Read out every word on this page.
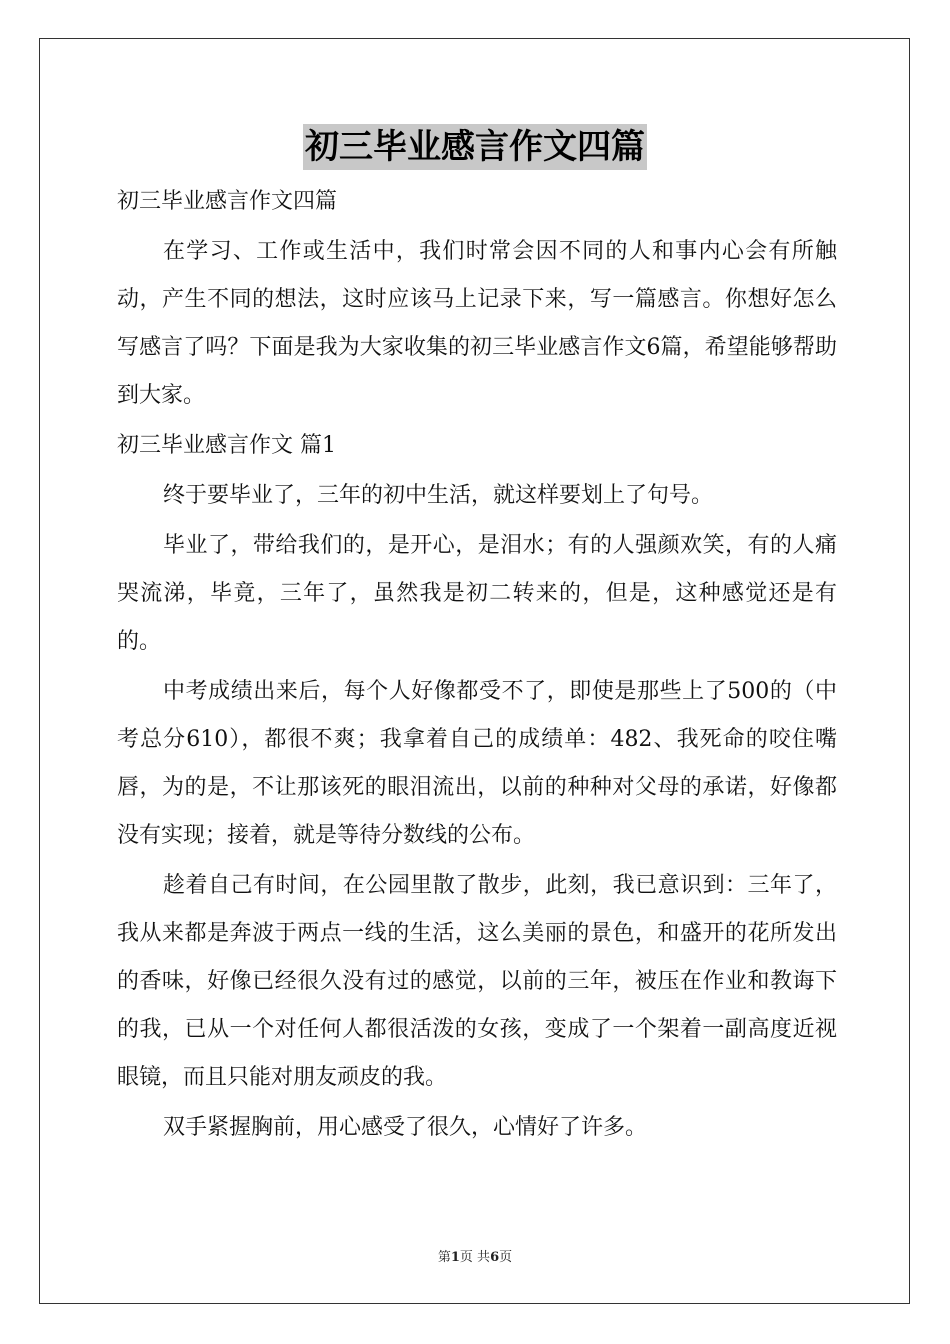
初三毕业感言作文四篇

初三毕业感言作文四篇

在学习、工作或生活中，我们时常会因不同的人和事内心会有所触动，产生不同的想法，这时应该马上记录下来，写一篇感言。你想好怎么写感言了吗？下面是我为大家收集的初三毕业感言作文6篇，希望能够帮助到大家。

初三毕业感言作文 篇1

终于要毕业了，三年的初中生活，就这样要划上了句号。

毕业了，带给我们的，是开心，是泪水；有的人强颜欢笑，有的人痛哭流涕，毕竟，三年了，虽然我是初二转来的，但是，这种感觉还是有的。

中考成绩出来后，每个人好像都受不了，即使是那些上了500的（中考总分610），都很不爽；我拿着自己的成绩单：482、我死命的咬住嘴唇，为的是，不让那该死的眼泪流出，以前的种种对父母的承诺，好像都没有实现；接着，就是等待分数线的公布。

趁着自己有时间，在公园里散了散步，此刻，我已意识到：三年了，我从来都是奔波于两点一线的生活，这么美丽的景色，和盛开的花所发出的香味，好像已经很久没有过的感觉，以前的三年，被压在作业和教诲下的我，已从一个对任何人都很活泼的女孩，变成了一个架着一副高度近视眼镜，而且只能对朋友顽皮的我。

双手紧握胸前，用心感受了很久，心情好了许多。

第1页 共6页
